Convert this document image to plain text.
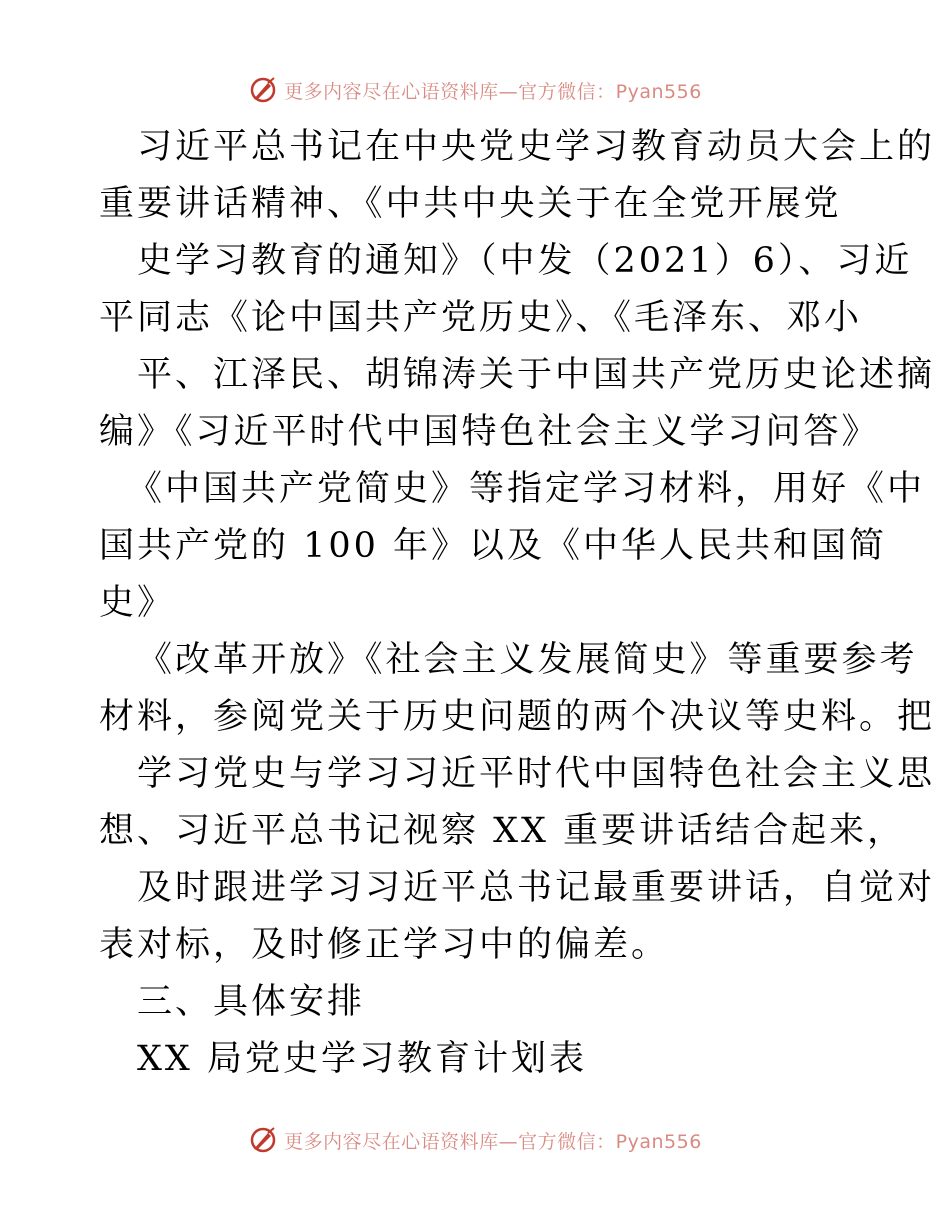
更多内容尽在心语资料库—官方微信：Pyan556
习近平总书记在中央党史学习教育动员大会上的
重要讲话精神、《中共中央关于在全党开展党
史学习教育的通知》（中发（2021）6）、习近
平同志《论中国共产党历史》、《毛泽东、邓小
平、江泽民、胡锦涛关于中国共产党历史论述摘
编》《习近平时代中国特色社会主义学习问答》
《中国共产党简史》等指定学习材料，用好《中
国共产党的 100 年》以及《中华人民共和国简
史》
《改革开放》《社会主义发展简史》等重要参考
材料，参阅党关于历史问题的两个决议等史料。把
学习党史与学习习近平时代中国特色社会主义思
想、习近平总书记视察 XX 重要讲话结合起来，
及时跟进学习习近平总书记最重要讲话，自觉对
表对标，及时修正学习中的偏差。
三、具体安排
XX 局党史学习教育计划表
更多内容尽在心语资料库—官方微信：Pyan556
